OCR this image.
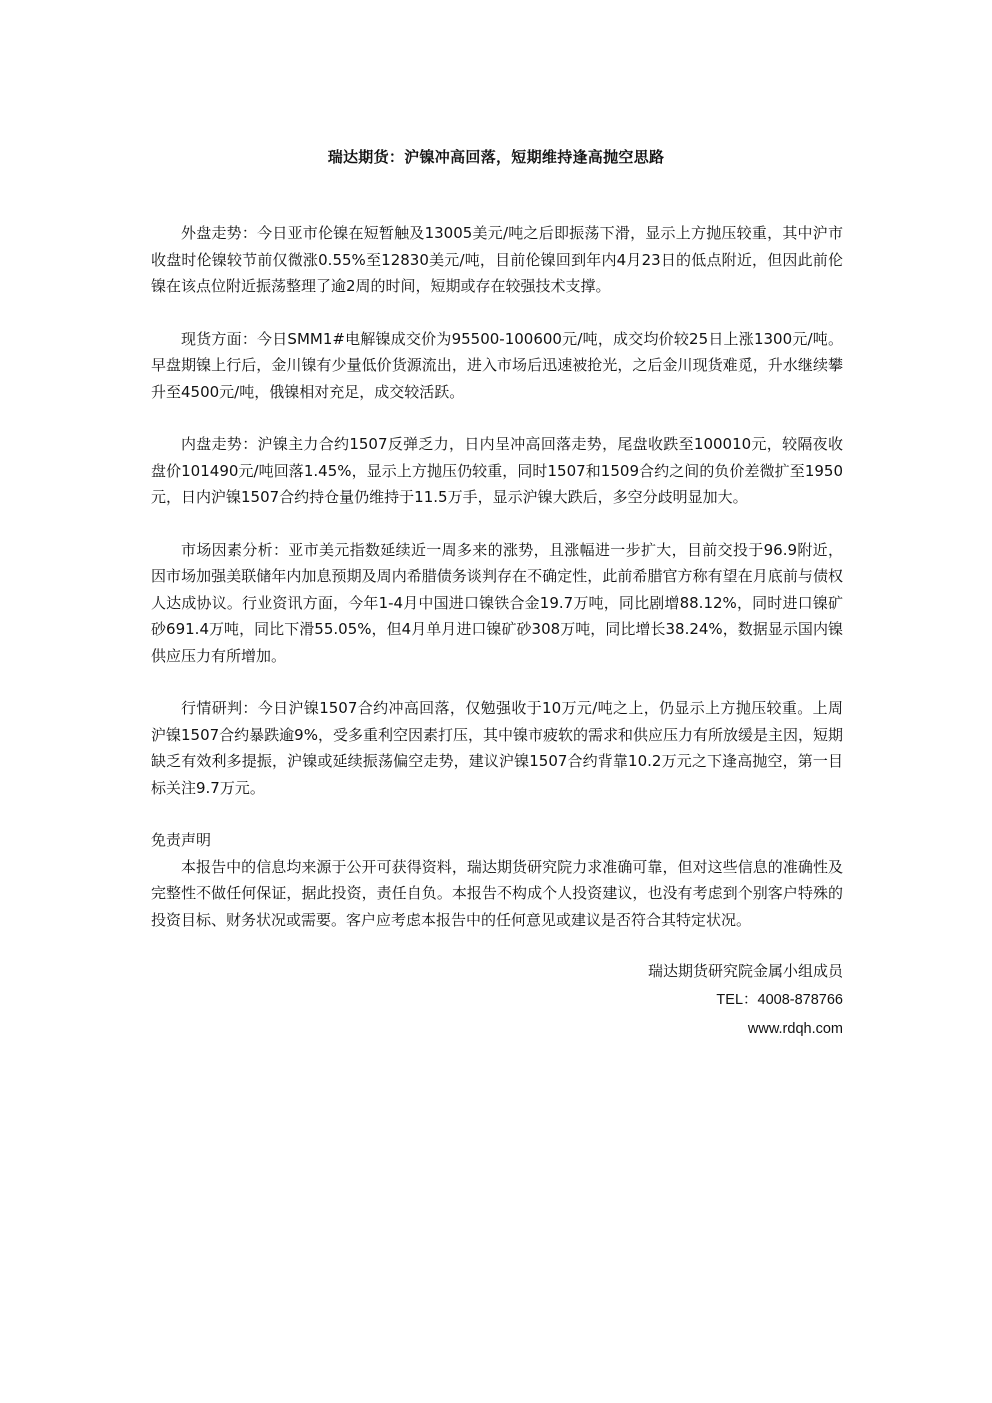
瑞达期货：沪镍冲高回落，短期维持逢高抛空思路

外盘走势：今日亚市伦镍在短暂触及13005美元/吨之后即振荡下滑，显示上方抛压较重，其中沪市收盘时伦镍较节前仅微涨0.55%至12830美元/吨，目前伦镍回到年内4月23日的低点附近，但因此前伦镍在该点位附近振荡整理了逾2周的时间，短期或存在较强技术支撑。

现货方面：今日SMM1#电解镍成交价为95500-100600元/吨，成交均价较25日上涨1300元/吨。早盘期镍上行后，金川镍有少量低价货源流出，进入市场后迅速被抢光，之后金川现货难觅，升水继续攀升至4500元/吨，俄镍相对充足，成交较活跃。

内盘走势：沪镍主力合约1507反弹乏力，日内呈冲高回落走势，尾盘收跌至100010元，较隔夜收盘价101490元/吨回落1.45%，显示上方抛压仍较重，同时1507和1509合约之间的负价差微扩至1950元，日内沪镍1507合约持仓量仍维持于11.5万手，显示沪镍大跌后，多空分歧明显加大。

市场因素分析：亚市美元指数延续近一周多来的涨势，且涨幅进一步扩大，目前交投于96.9附近，因市场加强美联储年内加息预期及周内希腊债务谈判存在不确定性，此前希腊官方称有望在月底前与债权人达成协议。行业资讯方面，今年1-4月中国进口镍铁合金19.7万吨，同比剧增88.12%，同时进口镍矿砂691.4万吨，同比下滑55.05%，但4月单月进口镍矿砂308万吨，同比增长38.24%，数据显示国内镍供应压力有所增加。

行情研判：今日沪镍1507合约冲高回落，仅勉强收于10万元/吨之上，仍显示上方抛压较重。上周沪镍1507合约暴跌逾9%，受多重利空因素打压，其中镍市疲软的需求和供应压力有所放缓是主因，短期缺乏有效利多提振，沪镍或延续振荡偏空走势，建议沪镍1507合约背靠10.2万元之下逢高抛空，第一目标关注9.7万元。

免责声明

本报告中的信息均来源于公开可获得资料，瑞达期货研究院力求准确可靠，但对这些信息的准确性及完整性不做任何保证，据此投资，责任自负。本报告不构成个人投资建议，也没有考虑到个别客户特殊的投资目标、财务状况或需要。客户应考虑本报告中的任何意见或建议是否符合其特定状况。

瑞达期货研究院金属小组成员
TEL：4008-878766
www.rdqh.com
